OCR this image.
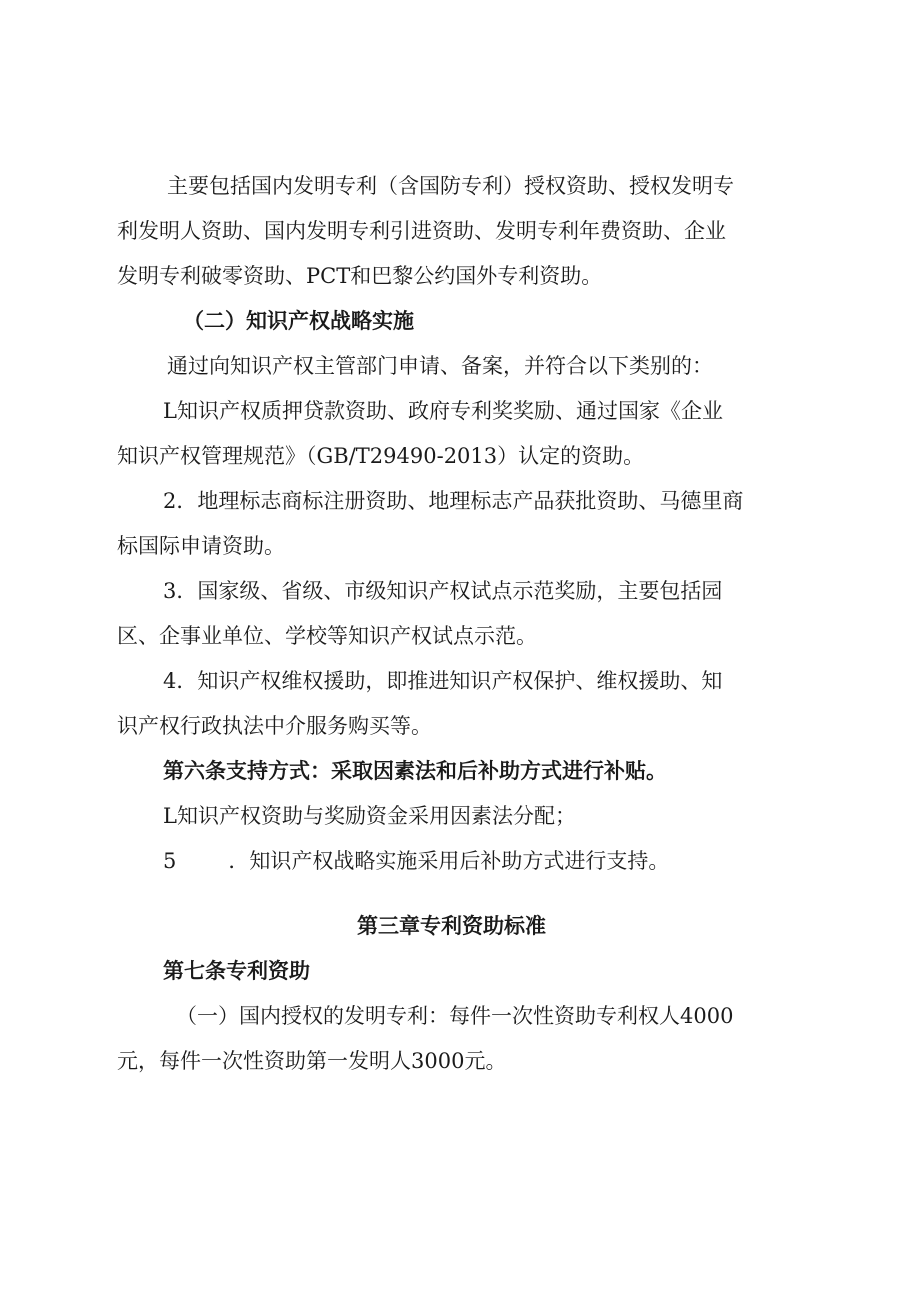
主要包括国内发明专利（含国防专利）授权资助、授权发明专
利发明人资助、国内发明专利引进资助、发明专利年费资助、企业
发明专利破零资助、PCT和巴黎公约国外专利资助。
（二）知识产权战略实施
通过向知识产权主管部门申请、备案，并符合以下类别的：
L知识产权质押贷款资助、政府专利奖奖励、通过国家《企业
知识产权管理规范》（GB/T29490-2013）认定的资助。
2．地理标志商标注册资助、地理标志产品获批资助、马德里商
标国际申请资助。
3．国家级、省级、市级知识产权试点示范奖励，主要包括园
区、企事业单位、学校等知识产权试点示范。
4．知识产权维权援助，即推进知识产权保护、维权援助、知
识产权行政执法中介服务购买等。
第六条支持方式：采取因素法和后补助方式进行补贴。
L知识产权资助与奖励资金采用因素法分配；
5 ．知识产权战略实施采用后补助方式进行支持。
第三章专利资助标准
第七条专利资助
（一）国内授权的发明专利：每件一次性资助专利权人4000
元，每件一次性资助第一发明人3000元。
